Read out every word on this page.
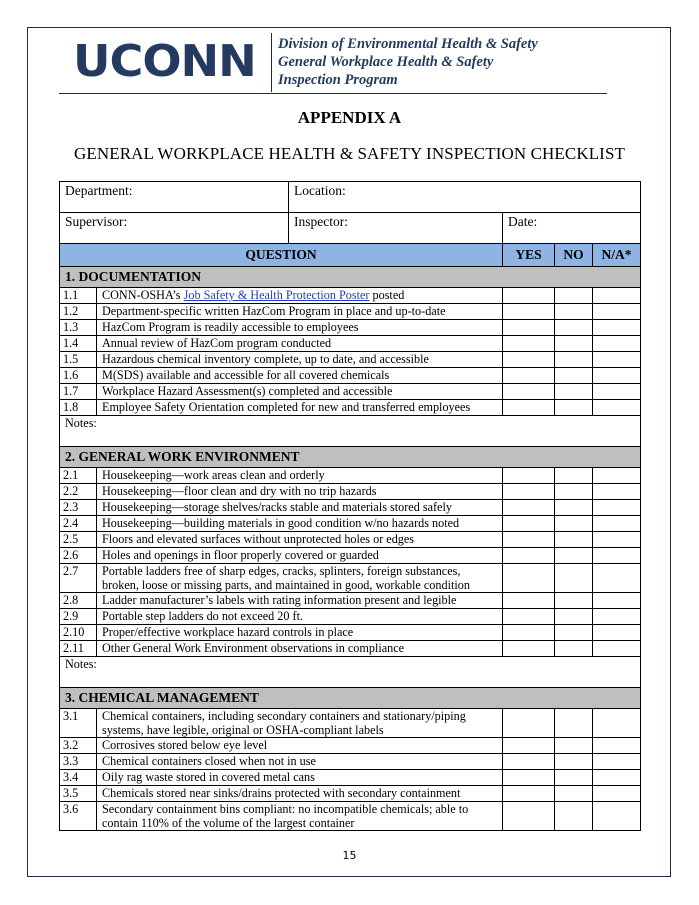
UCONN Division of Environmental Health & Safety
General Workplace Health & Safety
Inspection Program
APPENDIX A
GENERAL WORKPLACE HEALTH & SAFETY INSPECTION CHECKLIST
Department:		Location:			
Supervisor:		Inspector:	Date:		
QUESTION			YES	NO	N/A*
1. DOCUMENTATION					
1.1	CONN-OSHA’s Job Safety & Health Protection Poster posted				
1.2	Department-specific written HazCom Program in place and up-to-date				
1.3	HazCom Program is readily accessible to employees				
1.4	Annual review of HazCom program conducted				
1.5	Hazardous chemical inventory complete, up to date, and accessible				
1.6	M(SDS) available and accessible for all covered chemicals				
1.7	Workplace Hazard Assessment(s) completed and accessible				
1.8	Employee Safety Orientation completed for new and transferred employees				
Notes:					
2. GENERAL WORK ENVIRONMENT					
2.1	Housekeeping—work areas clean and orderly				
2.2	Housekeeping—floor clean and dry with no trip hazards				
2.3	Housekeeping—storage shelves/racks stable and materials stored safely				
2.4	Housekeeping—building materials in good condition w/no hazards noted				
2.5	Floors and elevated surfaces without unprotected holes or edges				
2.6	Holes and openings in floor properly covered or guarded				
2.7	Portable ladders free of sharp edges, cracks, splinters, foreign substances, broken, loose or missing parts, and maintained in good, workable condition				
2.8	Ladder manufacturer’s labels with rating information present and legible				
2.9	Portable step ladders do not exceed 20 ft.				
2.10	Proper/effective workplace hazard controls in place				
2.11	Other General Work Environment observations in compliance				
Notes:					
3. CHEMICAL MANAGEMENT					
3.1	Chemical containers, including secondary containers and stationary/piping systems, have legible, original or OSHA-compliant labels				
3.2	Corrosives stored below eye level				
3.3	Chemical containers closed when not in use				
3.4	Oily rag waste stored in covered metal cans				
3.5	Chemicals stored near sinks/drains protected with secondary containment				
3.6	Secondary containment bins compliant: no incompatible chemicals; able to contain 110% of the volume of the largest container				
15
